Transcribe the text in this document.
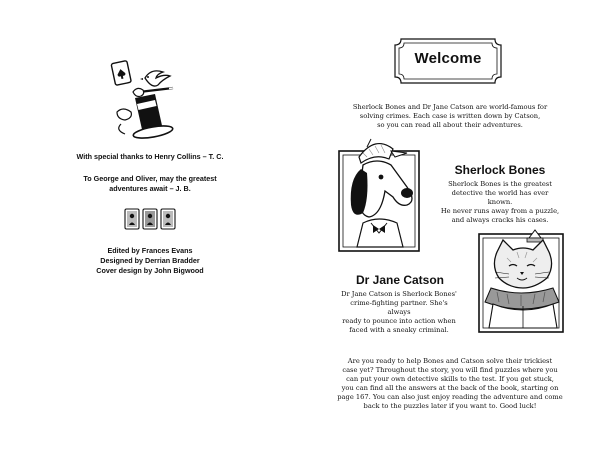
With special thanks to Henry Collins – T. C.
To George and Oliver, may the greatest
adventures await – J. B.
Edited by Frances Evans
Designed by Derrian Bradder
Cover design by John Bigwood
Welcome
Sherlock Bones and Dr Jane Catson are world-famous for
solving crimes. Each case is written down by Catson,
so you can read all about their adventures.
Sherlock Bones
Sherlock Bones is the greatest
detective the world has ever known.
He never runs away from a puzzle,
and always cracks his cases.
Dr Jane Catson
Dr Jane Catson is Sherlock Bones'
crime-fighting partner. She's always
ready to pounce into action when
faced with a sneaky criminal.
Are you ready to help Bones and Catson solve their trickiest
case yet? Throughout the story, you will find puzzles where you
can put your own detective skills to the test. If you get stuck,
you can find all the answers at the back of the book, starting on
page 167. You can also just enjoy reading the adventure and come
back to the puzzles later if you want to. Good luck!
